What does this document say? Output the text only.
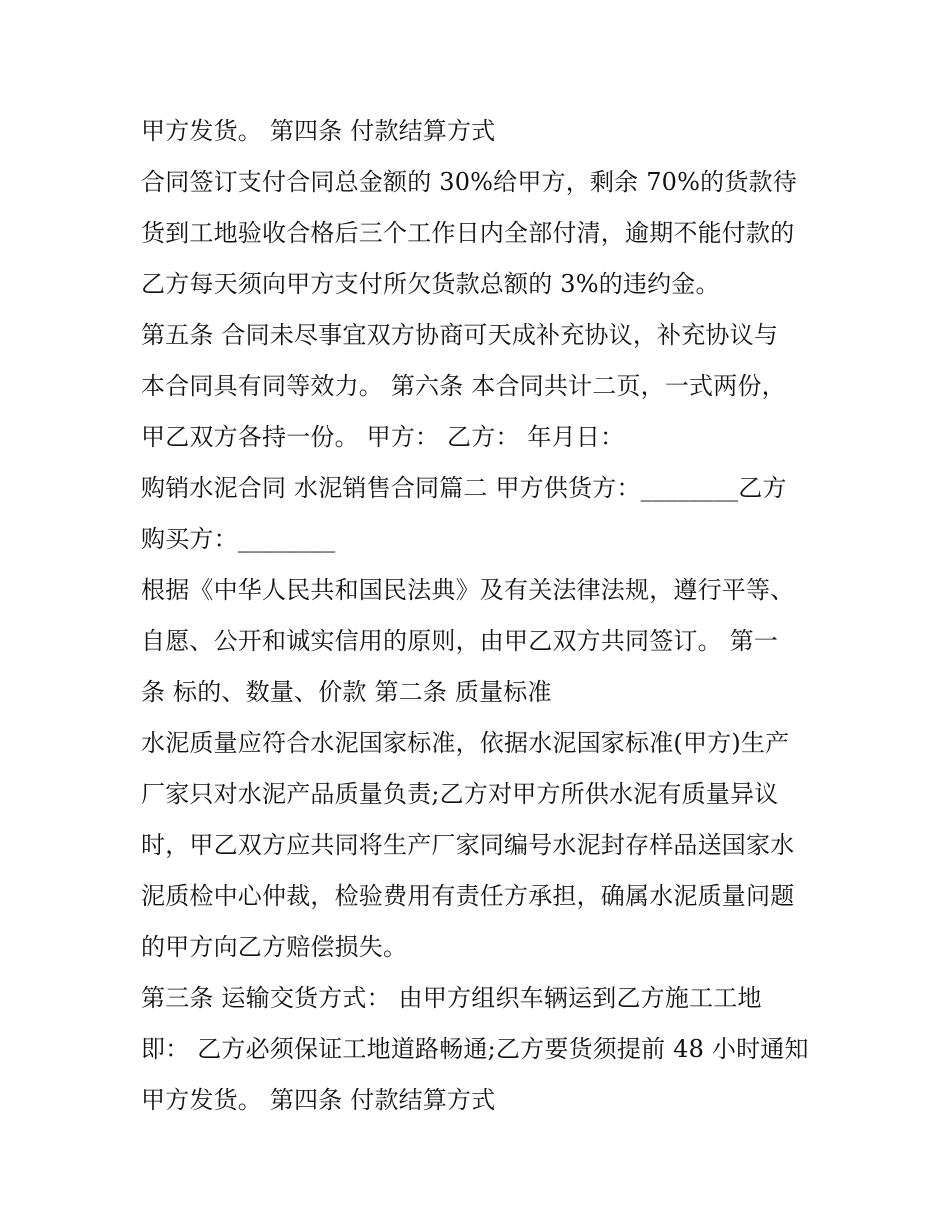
甲方发货。 第四条 付款结算方式
合同签订支付合同总金额的 30%给甲方，剩余 70%的货款待
货到工地验收合格后三个工作日内全部付清，逾期不能付款的
乙方每天须向甲方支付所欠货款总额的 3%的违约金。
第五条 合同未尽事宜双方协商可天成补充协议，补充协议与
本合同具有同等效力。 第六条 本合同共计二页，一式两份，
甲乙双方各持一份。 甲方： 乙方： 年月日：
购销水泥合同 水泥销售合同篇二 甲方供货方：________乙方
购买方：________
根据《中华人民共和国民法典》及有关法律法规，遵行平等、
自愿、公开和诚实信用的原则，由甲乙双方共同签订。 第一
条 标的、数量、价款 第二条 质量标准
水泥质量应符合水泥国家标准，依据水泥国家标准(甲方)生产
厂家只对水泥产品质量负责;乙方对甲方所供水泥有质量异议
时，甲乙双方应共同将生产厂家同编号水泥封存样品送国家水
泥质检中心仲裁，检验费用有责任方承担，确属水泥质量问题
的甲方向乙方赔偿损失。
第三条 运输交货方式： 由甲方组织车辆运到乙方施工工地
即： 乙方必须保证工地道路畅通;乙方要货须提前 48 小时通知
甲方发货。 第四条 付款结算方式
